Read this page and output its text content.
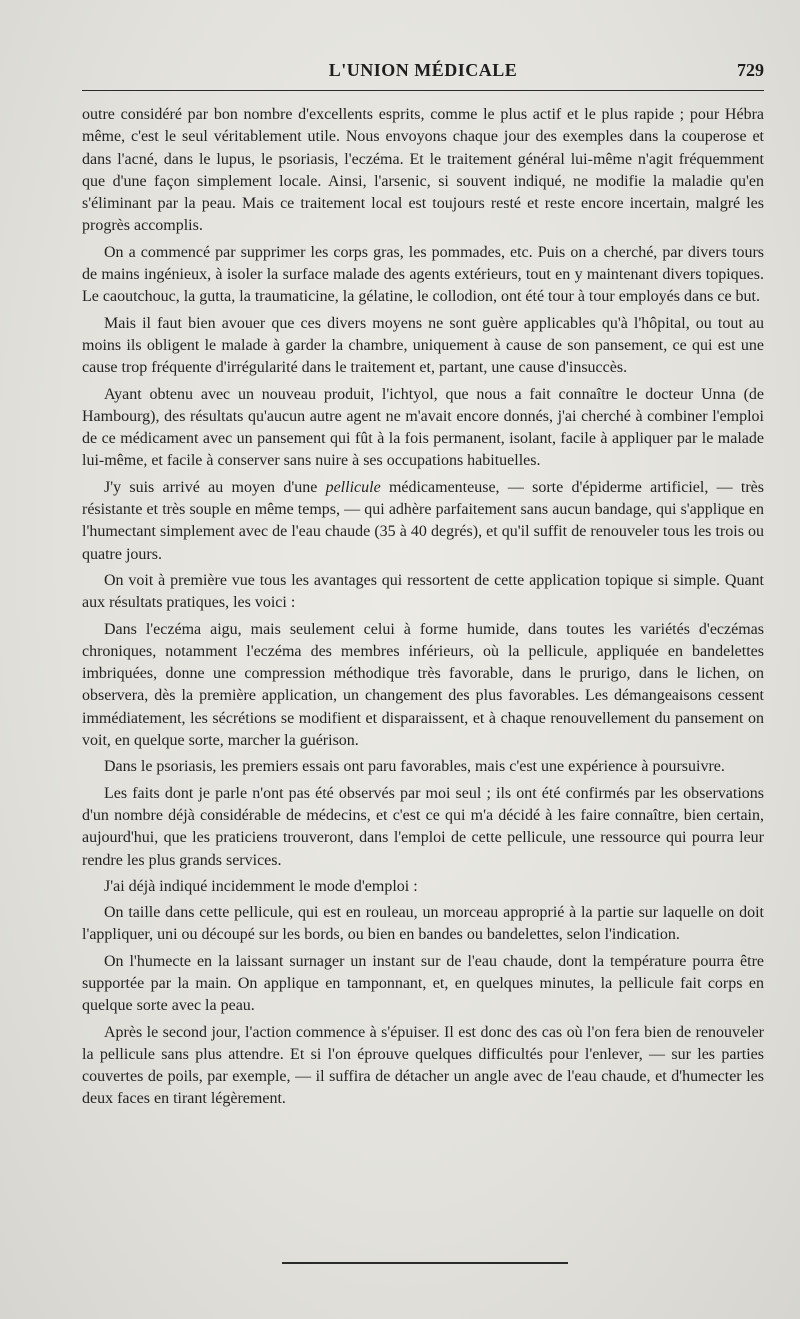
L'UNION MÉDICALE	729

outre considéré par bon nombre d'excellents esprits, comme le plus actif et le plus rapide ; pour Hébra même, c'est le seul véritablement utile. Nous envoyons chaque jour des exemples dans la couperose et dans l'acné, dans le lupus, le psoriasis, l'eczéma. Et le traitement général lui-même n'agit fréquemment que d'une façon simplement locale. Ainsi, l'arsenic, si souvent indiqué, ne modifie la maladie qu'en s'éliminant par la peau. Mais ce traitement local est toujours resté et reste encore incertain, malgré les progrès accomplis.

On a commencé par supprimer les corps gras, les pommades, etc. Puis on a cherché, par divers tours de mains ingénieux, à isoler la surface malade des agents extérieurs, tout en y maintenant divers topiques. Le caoutchouc, la gutta, la traumaticine, la gélatine, le collodion, ont été tour à tour employés dans ce but.

Mais il faut bien avouer que ces divers moyens ne sont guère applicables qu'à l'hôpital, ou tout au moins ils obligent le malade à garder la chambre, uniquement à cause de son pansement, ce qui est une cause trop fréquente d'irrégularité dans le traitement et, partant, une cause d'insuccès.

Ayant obtenu avec un nouveau produit, l'ichtyol, que nous a fait connaître le docteur Unna (de Hambourg), des résultats qu'aucun autre agent ne m'avait encore donnés, j'ai cherché à combiner l'emploi de ce médicament avec un pansement qui fût à la fois permanent, isolant, facile à appliquer par le malade lui-même, et facile à conserver sans nuire à ses occupations habituelles.

J'y suis arrivé au moyen d'une pellicule médicamenteuse, — sorte d'épiderme artificiel, — très résistante et très souple en même temps, — qui adhère parfaitement sans aucun bandage, qui s'applique en l'humectant simplement avec de l'eau chaude (35 à 40 degrés), et qu'il suffit de renouveler tous les trois ou quatre jours.

On voit à première vue tous les avantages qui ressortent de cette application topique si simple. Quant aux résultats pratiques, les voici :

Dans l'eczéma aigu, mais seulement celui à forme humide, dans toutes les variétés d'eczémas chroniques, notamment l'eczéma des membres inférieurs, où la pellicule, appliquée en bandelettes imbriquées, donne une compression méthodique très favorable, dans le prurigo, dans le lichen, on observera, dès la première application, un changement des plus favorables. Les démangeaisons cessent immédiatement, les sécrétions se modifient et disparaissent, et à chaque renouvellement du pansement on voit, en quelque sorte, marcher la guérison.

Dans le psoriasis, les premiers essais ont paru favorables, mais c'est une expérience à poursuivre.

Les faits dont je parle n'ont pas été observés par moi seul ; ils ont été confirmés par les observations d'un nombre déjà considérable de médecins, et c'est ce qui m'a décidé à les faire connaître, bien certain, aujourd'hui, que les praticiens trouveront, dans l'emploi de cette pellicule, une ressource qui pourra leur rendre les plus grands services.

J'ai déjà indiqué incidemment le mode d'emploi :

On taille dans cette pellicule, qui est en rouleau, un morceau approprié à la partie sur laquelle on doit l'appliquer, uni ou découpé sur les bords, ou bien en bandes ou bandelettes, selon l'indication.

On l'humecte en la laissant surnager un instant sur de l'eau chaude, dont la température pourra être supportée par la main. On applique en tamponnant, et, en quelques minutes, la pellicule fait corps en quelque sorte avec la peau.

Après le second jour, l'action commence à s'épuiser. Il est donc des cas où l'on fera bien de renouveler la pellicule sans plus attendre. Et si l'on éprouve quelques difficultés pour l'enlever, — sur les parties couvertes de poils, par exemple, — il suffira de détacher un angle avec de l'eau chaude, et d'humecter les deux faces en tirant légèrement.
